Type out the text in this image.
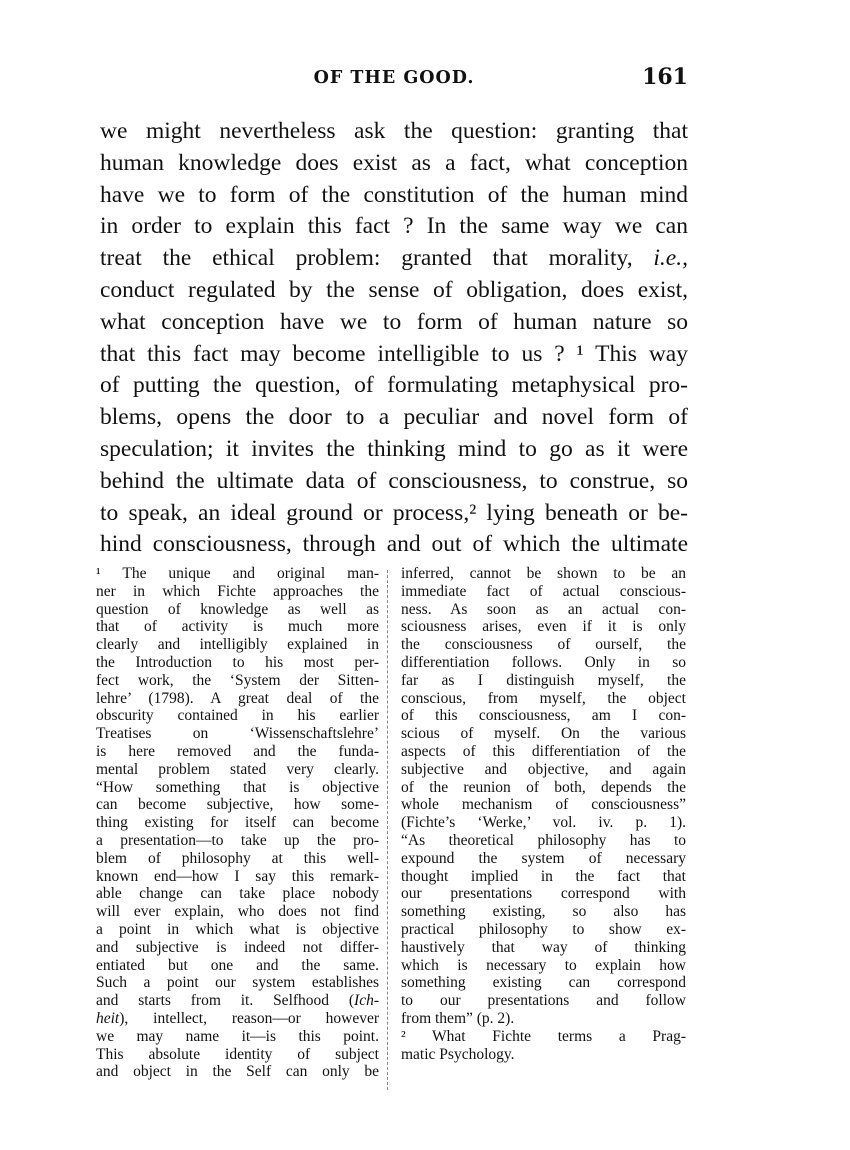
OF THE GOOD.	161
we might nevertheless ask the question: granting that
human knowledge does exist as a fact, what conception
have we to form of the constitution of the human mind
in order to explain this fact ? In the same way we can
treat the ethical problem: granted that morality, i.e.,
conduct regulated by the sense of obligation, does exist,
what conception have we to form of human nature so
that this fact may become intelligible to us ? ¹ This way
of putting the question, of formulating metaphysical pro-
blems, opens the door to a peculiar and novel form of
speculation; it invites the thinking mind to go as it were
behind the ultimate data of consciousness, to construe, so
to speak, an ideal ground or process,² lying beneath or be-
hind consciousness, through and out of which the ultimate
¹ The unique and original man-
ner in which Fichte approaches the
question of knowledge as well as
that of activity is much more
clearly and intelligibly explained in
the Introduction to his most per-
fect work, the ‘System der Sitten-
lehre’ (1798). A great deal of the
obscurity contained in his earlier
Treatises on ‘Wissenschaftslehre’
is here removed and the funda-
mental problem stated very clearly.
“How something that is objective
can become subjective, how some-
thing existing for itself can become
a presentation—to take up the pro-
blem of philosophy at this well-
known end—how I say this remark-
able change can take place nobody
will ever explain, who does not find
a point in which what is objective
and subjective is indeed not differ-
entiated but one and the same.
Such a point our system establishes
and starts from it. Selfhood (Ich-
heit), intellect, reason—or however
we may name it—is this point.
This absolute identity of subject
and object in the Self can only be
inferred, cannot be shown to be an
immediate fact of actual conscious-
ness. As soon as an actual con-
sciousness arises, even if it is only
the consciousness of ourself, the
differentiation follows. Only in so
far as I distinguish myself, the
conscious, from myself, the object
of this consciousness, am I con-
scious of myself. On the various
aspects of this differentiation of the
subjective and objective, and again
of the reunion of both, depends the
whole mechanism of consciousness”
(Fichte’s ‘Werke,’ vol. iv. p. 1).
“As theoretical philosophy has to
expound the system of necessary
thought implied in the fact that
our presentations correspond with
something existing, so also has
practical philosophy to show ex-
haustively that way of thinking
which is necessary to explain how
something existing can correspond
to our presentations and follow
from them” (p. 2).
² What Fichte terms a Prag-
matic Psychology.
